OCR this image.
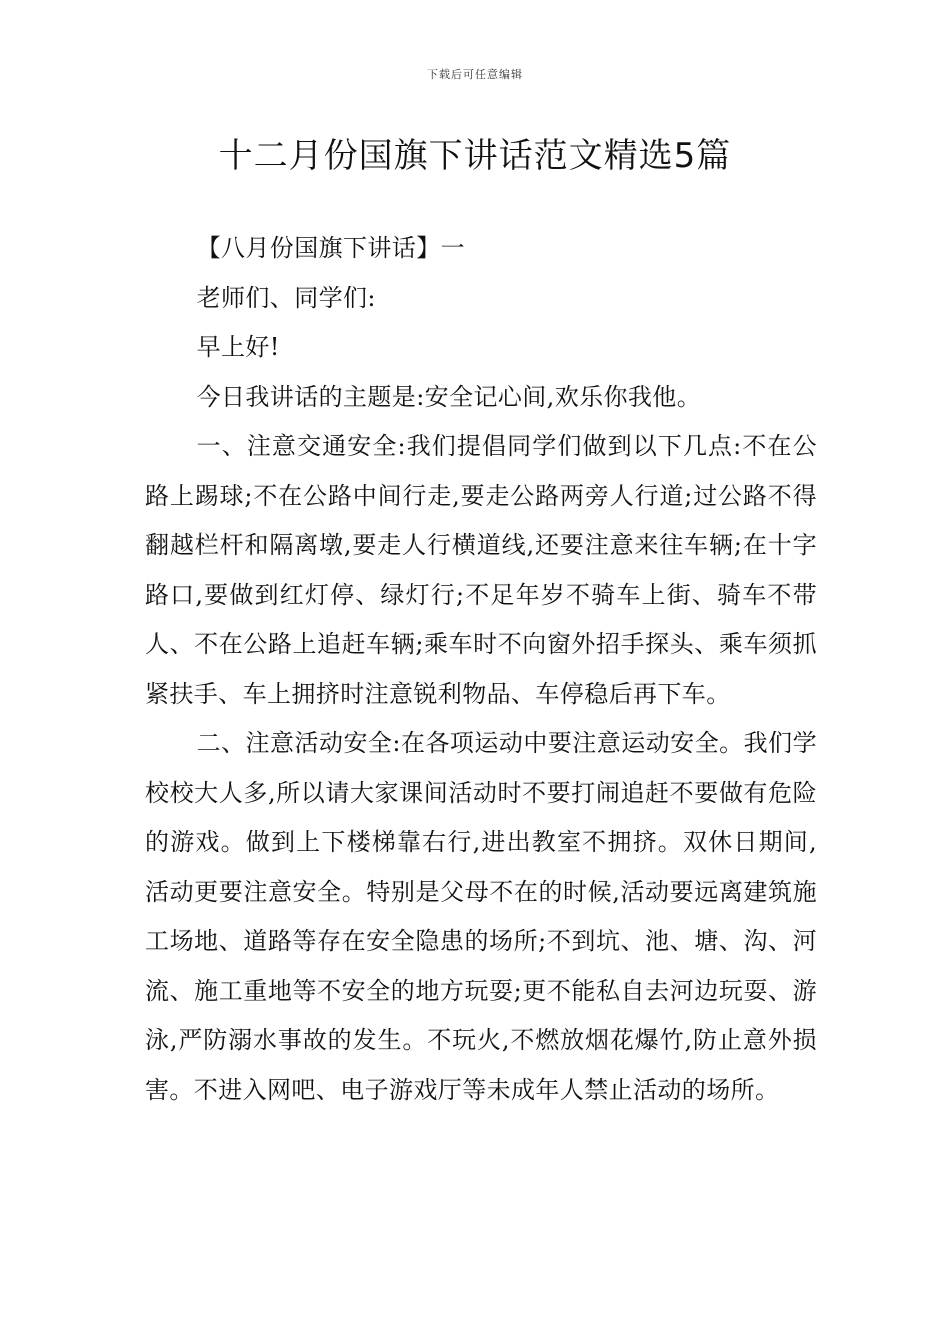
下载后可任意编辑
十二月份国旗下讲话范文精选5篇

【八月份国旗下讲话】一

老师们、同学们:

早上好!

今日我讲话的主题是:安全记心间,欢乐你我他。

一、注意交通安全:我们提倡同学们做到以下几点:不在公路上踢球;不在公路中间行走,要走公路两旁人行道;过公路不得翻越栏杆和隔离墩,要走人行横道线,还要注意来往车辆;在十字路口,要做到红灯停、绿灯行;不足年岁不骑车上街、骑车不带人、不在公路上追赶车辆;乘车时不向窗外招手探头、乘车须抓紧扶手、车上拥挤时注意锐利物品、车停稳后再下车。

二、注意活动安全:在各项运动中要注意运动安全。我们学校校大人多,所以请大家课间活动时不要打闹追赶不要做有危险的游戏。做到上下楼梯靠右行,进出教室不拥挤。双休日期间,活动更要注意安全。特别是父母不在的时候,活动要远离建筑施工场地、道路等存在安全隐患的场所;不到坑、池、塘、沟、河流、施工重地等不安全的地方玩耍;更不能私自去河边玩耍、游泳,严防溺水事故的发生。不玩火,不燃放烟花爆竹,防止意外损害。不进入网吧、电子游戏厅等未成年人禁止活动的场所。
